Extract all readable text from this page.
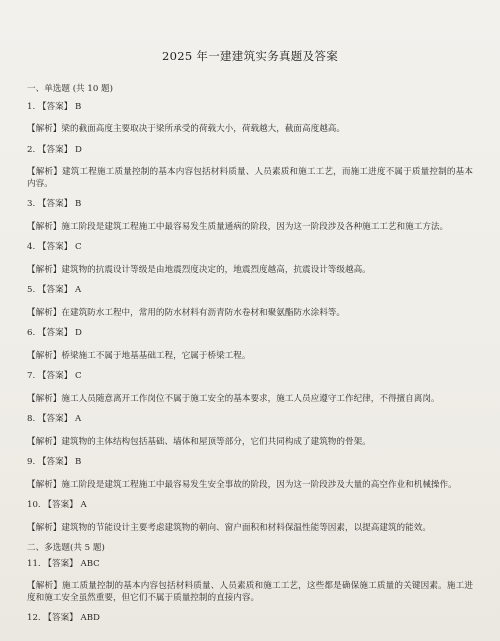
2025 年一建建筑实务真题及答案
一、单选题 (共 10 题)
1. 【答案】 B
【解析】梁的截面高度主要取决于梁所承受的荷载大小，荷载越大，截面高度越高。
2. 【答案】 D
【解析】建筑工程施工质量控制的基本内容包括材料质量、人员素质和施工工艺，而施工进度不属于质量控制的基本内容。
3. 【答案】 B
【解析】施工阶段是建筑工程施工中最容易发生质量通病的阶段，因为这一阶段涉及各种施工工艺和施工方法。
4. 【答案】 C
【解析】建筑物的抗震设计等级是由地震烈度决定的，地震烈度越高，抗震设计等级越高。
5. 【答案】 A
【解析】在建筑防水工程中，常用的防水材料有沥青防水卷材和聚氨酯防水涂料等。
6. 【答案】 D
【解析】桥梁施工不属于地基基础工程，它属于桥梁工程。
7. 【答案】 C
【解析】施工人员随意离开工作岗位不属于施工安全的基本要求，施工人员应遵守工作纪律，不得擅自离岗。
8. 【答案】 A
【解析】建筑物的主体结构包括基础、墙体和屋顶等部分，它们共同构成了建筑物的骨架。
9. 【答案】 B
【解析】施工阶段是建筑工程施工中最容易发生安全事故的阶段，因为这一阶段涉及大量的高空作业和机械操作。
10. 【答案】 A
【解析】建筑物的节能设计主要考虑建筑物的朝向、窗户面积和材料保温性能等因素，以提高建筑的能效。
二、多选题(共 5 题)
11. 【答案】 ABC
【解析】施工质量控制的基本内容包括材料质量、人员素质和施工工艺，这些都是确保施工质量的关键因素。施工进度和施工安全虽然重要，但它们不属于质量控制的直接内容。
12. 【答案】 ABD
